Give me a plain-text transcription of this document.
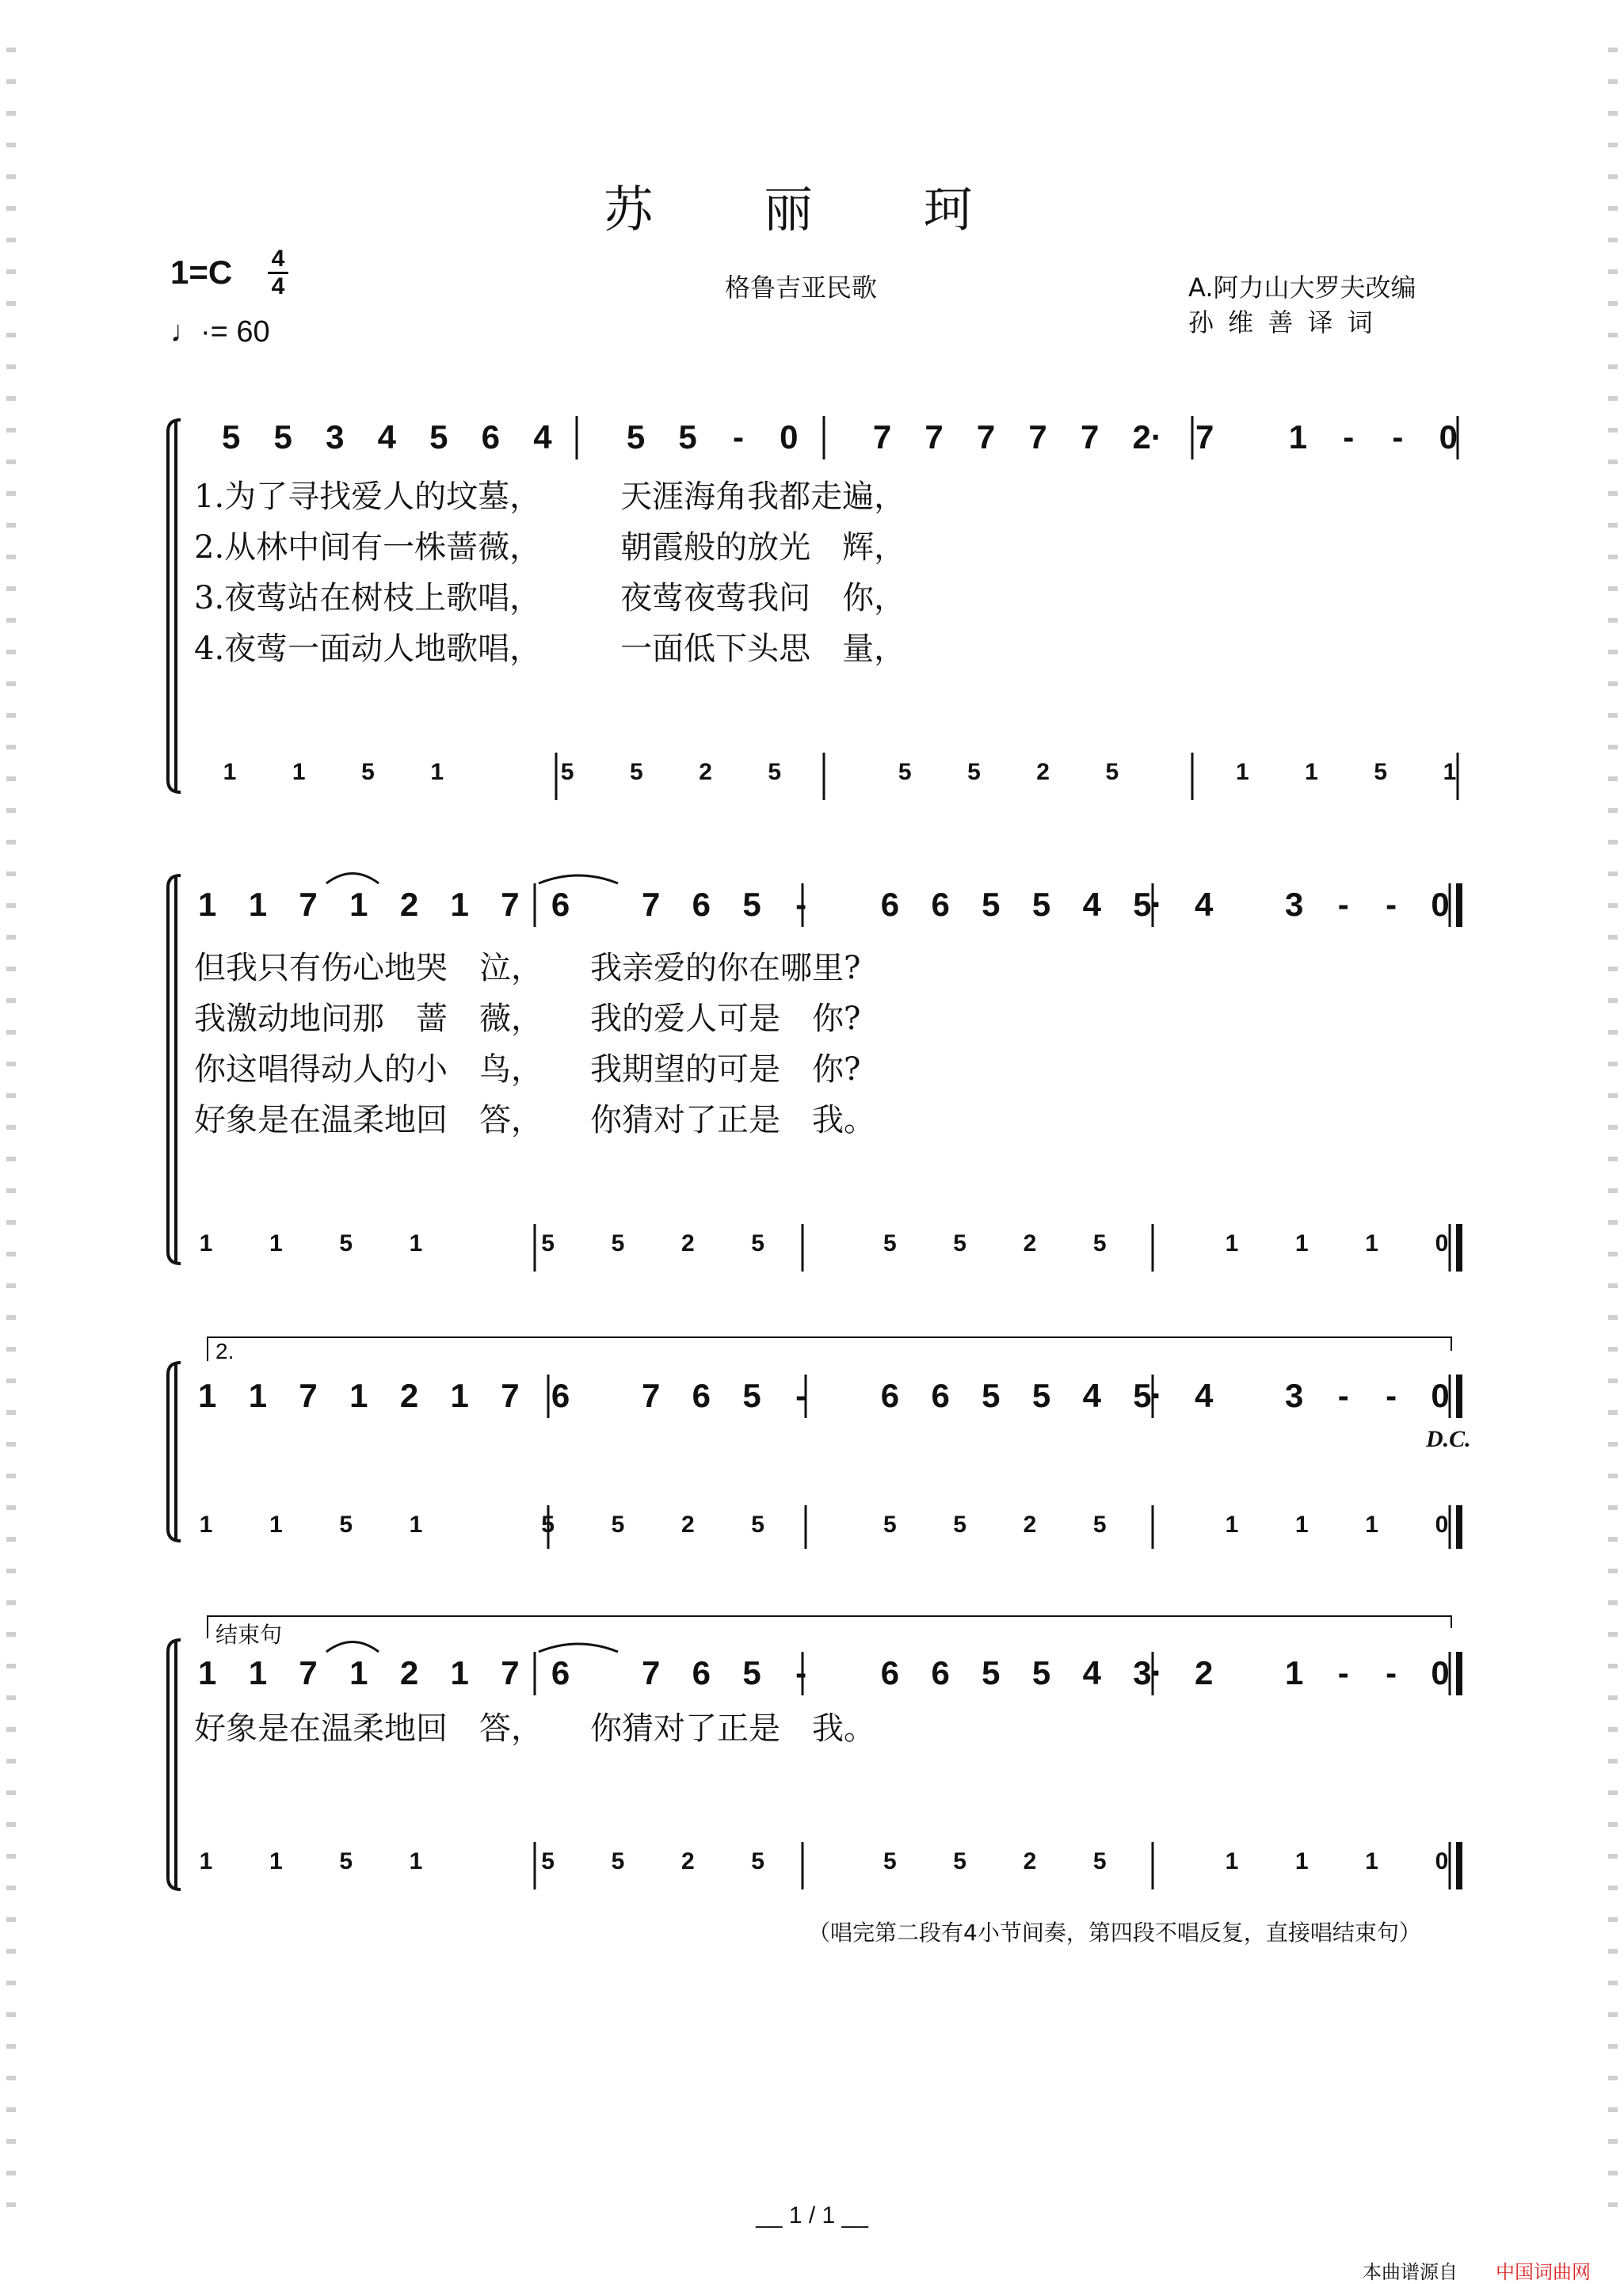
苏 丽 珂
1=C 4
4
♩·= 60
格鲁吉亚民歌	A.阿力山大罗夫改编
孙 维 善 译 词
5 5 3 4 5 6 4 5 5 - 0 7 7 7 7 7 2· 7 1 - - 0
1.为了寻找爱人的坟墓，　　　天涯海角我都走遍，
2.从林中间有一株蔷薇，　　　朝霞般的放光　辉，
3.夜莺站在树枝上歌唱，　　　夜莺夜莺我问　你，
4.夜莺一面动人地歌唱，　　　一面低下头思　量，
1 1 5 1	5 5 2 5	5 5 2 5	1 1 5 1
1 1 7 1 2 1 7 6 7 6 5 - 6 6 5 5 4 5· 4 3 - - 0
但我只有伤心地哭　泣，　　我亲爱的你在哪里?
我激动地问那　蔷　薇，　　我的爱人可是　你?
你这唱得动人的小　鸟，　　我期望的可是　你?
好象是在温柔地回　答，　　你猜对了正是　我。
1 1 5 1	5 5 2 5	5 5 2 5	1 1 1 0
2.
1 1 7 1 2 1 7 6 7 6 5 - 6 6 5 5 4 5· 4 3 - - 0
1 1 5 1	5 5 2 5	5 5 2 5	1 1 1 0
D.C.
结束句
1 1 7 1 2 1 7 6 7 6 5 - 6 6 5 5 4 3· 2 1 - - 0
好象是在温柔地回　答，　　你猜对了正是　我。
1 1 5 1	5 5 2 5	5 5 2 5	1 1 1 0
（唱完第二段有4小节间奏，第四段不唱反复，直接唱结束句）
__ 1 / 1 __
本曲谱源自 中国词曲网
